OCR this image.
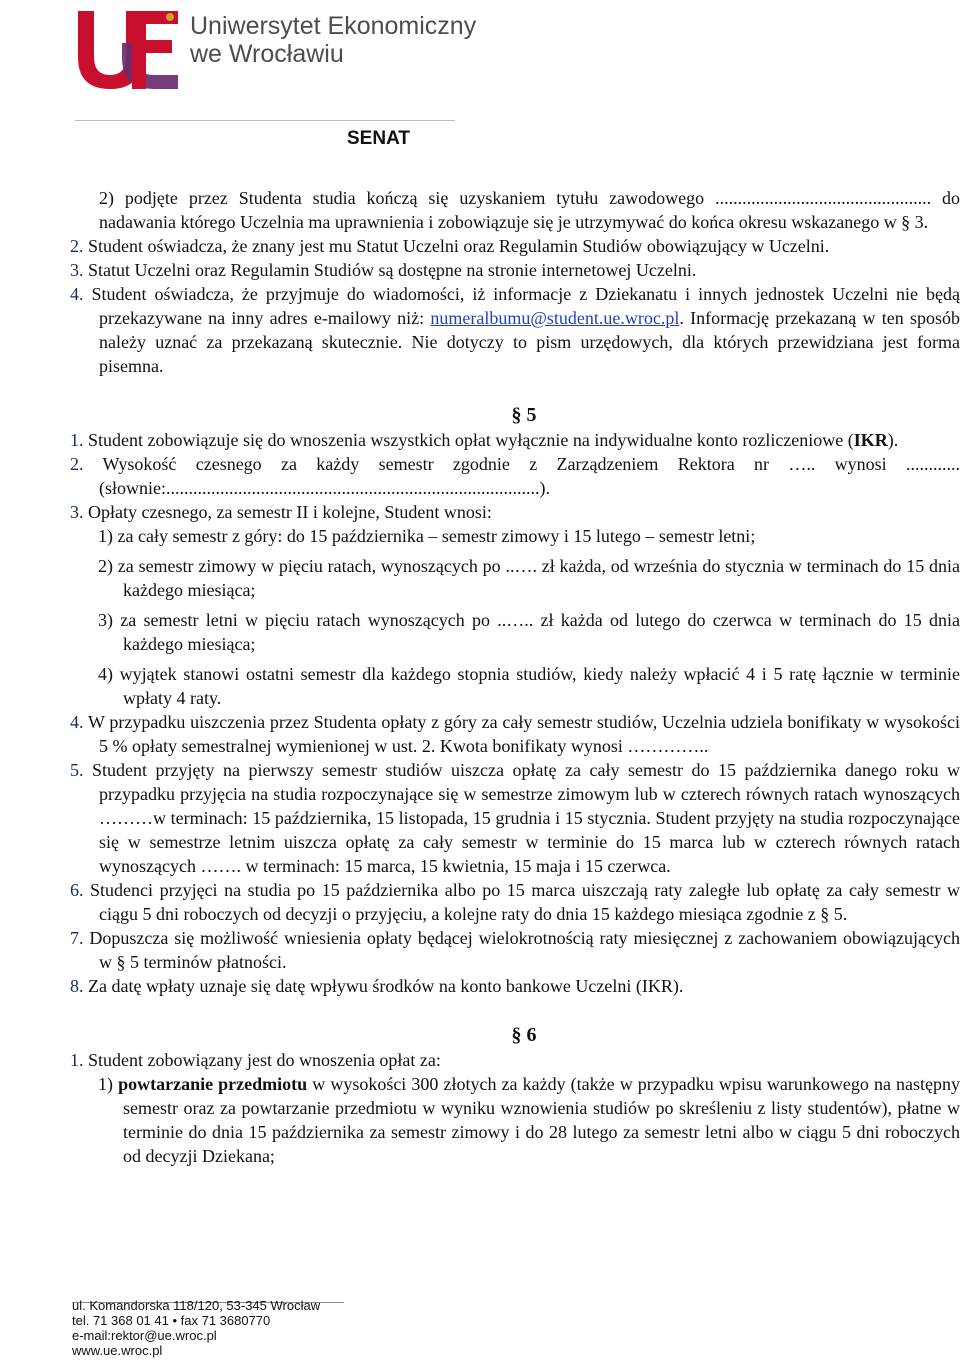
Uniwersytet Ekonomiczny
we Wrocławiu
SENAT
2) podjęte przez Studenta studia kończą się uzyskaniem tytułu zawodowego ................................................ do nadawania którego Uczelnia ma uprawnienia i zobowiązuje się je utrzymywać do końca okresu wskazanego w § 3.
2. Student oświadcza, że znany jest mu Statut Uczelni oraz Regulamin Studiów obowiązujący w Uczelni.
3. Statut Uczelni oraz Regulamin Studiów są dostępne na stronie internetowej Uczelni.
4. Student oświadcza, że przyjmuje do wiadomości, iż informacje z Dziekanatu i innych jednostek Uczelni nie będą przekazywane na inny adres e-mailowy niż: numeralbumu@student.ue.wroc.pl. Informację przekazaną w ten sposób należy uznać za przekazaną skutecznie. Nie dotyczy to pism urzędowych, dla których przewidziana jest forma pisemna.
§ 5
1. Student zobowiązuje się do wnoszenia wszystkich opłat wyłącznie na indywidualne konto rozliczeniowe (IKR).
2. Wysokość czesnego za każdy semestr zgodnie z Zarządzeniem Rektora nr ….. wynosi ............ (słownie:...................................................................................).
3. Opłaty czesnego, za semestr II i kolejne, Student wnosi:
1) za cały semestr z góry: do 15 października – semestr zimowy i 15 lutego – semestr letni;
2) za semestr zimowy w pięciu ratach, wynoszących po ..…. zł każda, od września do stycznia w terminach do 15 dnia każdego miesiąca;
3) za semestr letni w pięciu ratach wynoszących po ..….. zł każda od lutego do czerwca w terminach do 15 dnia każdego miesiąca;
4) wyjątek stanowi ostatni semestr dla każdego stopnia studiów, kiedy należy wpłacić 4 i 5 ratę łącznie w terminie wpłaty 4 raty.
4. W przypadku uiszczenia przez Studenta opłaty z góry za cały semestr studiów, Uczelnia udziela bonifikaty w wysokości 5 % opłaty semestralnej wymienionej w ust. 2. Kwota bonifikaty wynosi …………..
5. Student przyjęty na pierwszy semestr studiów uiszcza opłatę za cały semestr do 15 października danego roku w przypadku przyjęcia na studia rozpoczynające się w semestrze zimowym lub w czterech równych ratach wynoszących ………w terminach: 15 października, 15 listopada, 15 grudnia i 15 stycznia. Student przyjęty na studia rozpoczynające się w semestrze letnim uiszcza opłatę za cały semestr w terminie do 15 marca lub w czterech równych ratach wynoszących ……. w terminach: 15 marca, 15 kwietnia, 15 maja i 15 czerwca.
6. Studenci przyjęci na studia po 15 października albo po 15 marca uiszczają raty zaległe lub opłatę za cały semestr w ciągu 5 dni roboczych od decyzji o przyjęciu, a kolejne raty do dnia 15 każdego miesiąca zgodnie z § 5.
7. Dopuszcza się możliwość wniesienia opłaty będącej wielokrotnością raty miesięcznej z zachowaniem obowiązujących w § 5 terminów płatności.
8. Za datę wpłaty uznaje się datę wpływu środków na konto bankowe Uczelni (IKR).
§ 6
1. Student zobowiązany jest do wnoszenia opłat za:
1) powtarzanie przedmiotu w wysokości 300 złotych za każdy (także w przypadku wpisu warunkowego na następny semestr oraz za powtarzanie przedmiotu w wyniku wznowienia studiów po skreśleniu z listy studentów), płatne w terminie do dnia 15 października za semestr zimowy i do 28 lutego za semestr letni albo w ciągu 5 dni roboczych od decyzji Dziekana;
ul. Komandorska 118/120, 53-345 Wrocław
tel. 71 368 01 41 • fax 71 3680770
e-mail:rektor@ue.wroc.pl
www.ue.wroc.pl
